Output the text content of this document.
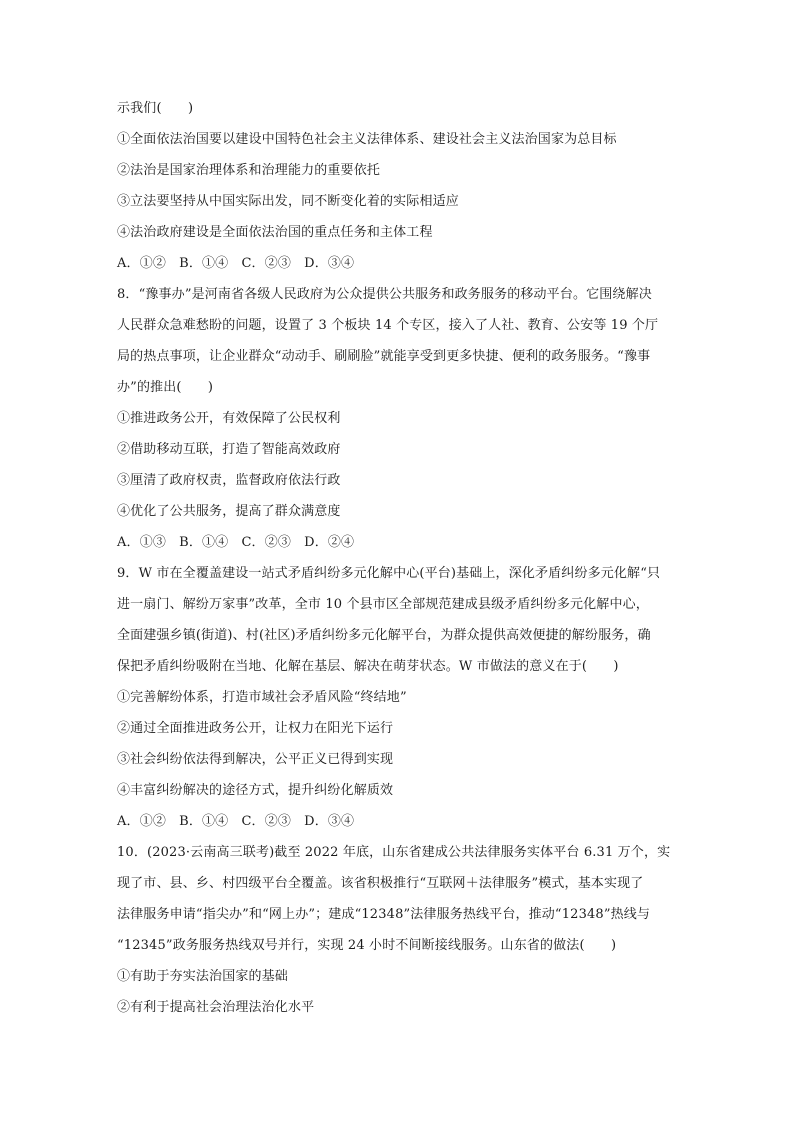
示我们(　　)
①全面依法治国要以建设中国特色社会主义法律体系、建设社会主义法治国家为总目标
②法治是国家治理体系和治理能力的重要依托
③立法要坚持从中国实际出发，同不断变化着的实际相适应
④法治政府建设是全面依法治国的重点任务和主体工程
A．①②　B．①④　C．②③　D．③④
8．“豫事办”是河南省各级人民政府为公众提供公共服务和政务服务的移动平台。它围绕解决
人民群众急难愁盼的问题，设置了 3 个板块 14 个专区，接入了人社、教育、公安等 19 个厅
局的热点事项，让企业群众“动动手、刷刷脸”就能享受到更多快捷、便利的政务服务。“豫事
办”的推出(　　)
①推进政务公开，有效保障了公民权利
②借助移动互联，打造了智能高效政府
③厘清了政府权责，监督政府依法行政
④优化了公共服务，提高了群众满意度
A．①③　B．①④　C．②③　D．②④
9．W 市在全覆盖建设一站式矛盾纠纷多元化解中心(平台)基础上，深化矛盾纠纷多元化解“只
进一扇门、解纷万家事”改革，全市 10 个县市区全部规范建成县级矛盾纠纷多元化解中心，
全面建强乡镇(街道)、村(社区)矛盾纠纷多元化解平台，为群众提供高效便捷的解纷服务，确
保把矛盾纠纷吸附在当地、化解在基层、解决在萌芽状态。W 市做法的意义在于(　　)
①完善解纷体系，打造市域社会矛盾风险“终结地”
②通过全面推进政务公开，让权力在阳光下运行
③社会纠纷依法得到解决，公平正义已得到实现
④丰富纠纷解决的途径方式，提升纠纷化解质效
A．①②　B．①④　C．②③　D．③④
10．(2023·云南高三联考)截至 2022 年底，山东省建成公共法律服务实体平台 6.31 万个，实
现了市、县、乡、村四级平台全覆盖。该省积极推行“互联网＋法律服务”模式，基本实现了
法律服务申请“指尖办”和“网上办”；建成“12348”法律服务热线平台，推动“12348”热线与
“12345”政务服务热线双号并行，实现 24 小时不间断接线服务。山东省的做法(　　)
①有助于夯实法治国家的基础
②有利于提高社会治理法治化水平
